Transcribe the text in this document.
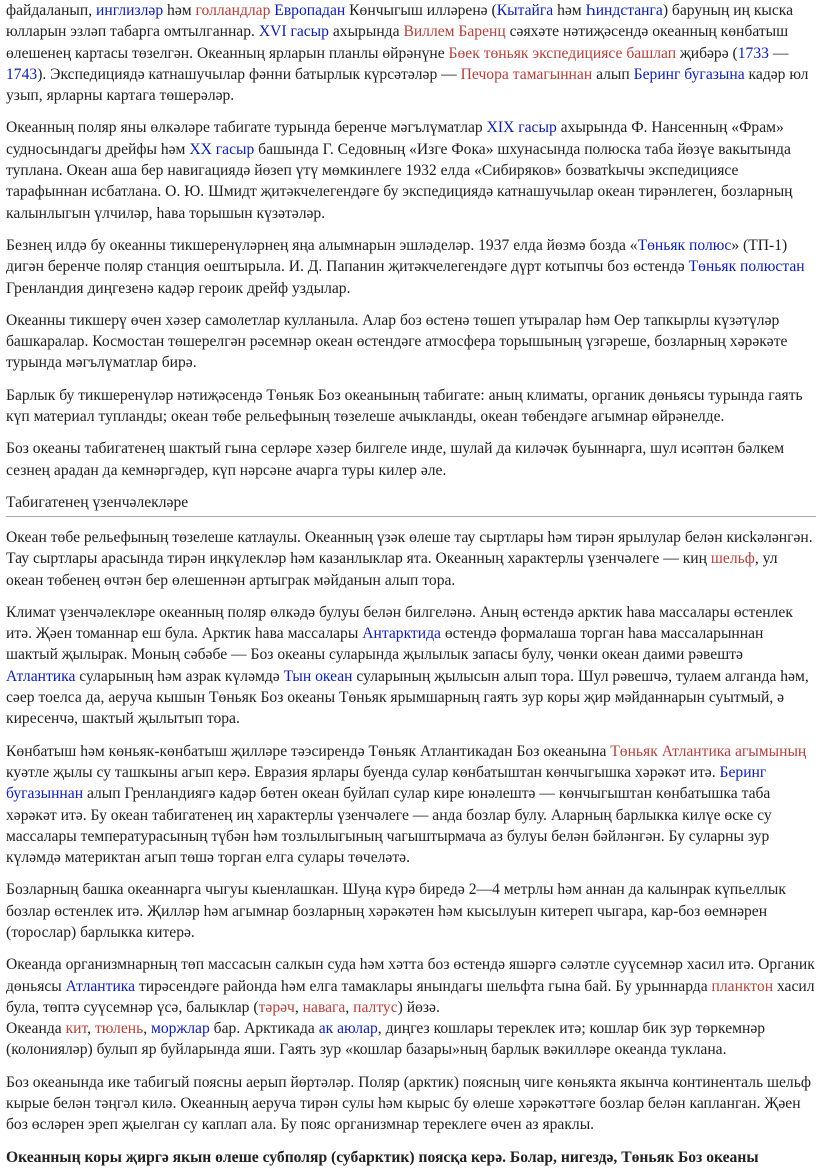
файдаланып, инглизләр һәм голландлар Европадан Көнчыгыш илләренә (Кытайга һәм Һиндстанга) баруның иң кыска юлларын эзләп табарга омтылганнар. XVI гасыр ахырында Виллем Баренц сәяхәте нәтиҗәсендә океанның көнбатыш өлешенең картасы төзелгән. Океанның ярларын планлы өйрәнүне Бөек төньяк экспедициясе башлап җибәрә (1733 — 1743). Экспедициядә катнашучылар фәнни батырлык күрсәтәләр — Печора тамагыннан алып Беринг бугазына кадәр юл узып, ярларны картага төшерәләр.

Океанның поляр яны өлкәләре табигате турында беренче мәгълүматлар XIX гасыр ахырында Ф. Нансенның «Фрам» судносындагы дрейфы һәм XX гасыр башында Г. Седовның «Изге Фока» шхунасында полюска таба йөзүе вакытында туплана. Океан аша бер навигациядә йөзеп үтү мөмкинлеге 1932 елда «Сибиряков» бозватkычы экспедициясе тарафыннан исбатлана. О. Ю. Шмидт җитәкчелегендәге бу экспедициядә катнашучылар океан тирәнлеген, бозларның калынлыгын үлчиләр, һава торышын күзәтәләр.

Безнең илдә бу океанны тикшеренүләрнең яңа алымнарын эшләделәр. 1937 елда йөзмә бозда «Төньяк полюс» (ТП-1) дигән беренче поляр станция оештырыла. И. Д. Папанин җитәкчелегендәге дүрт котыпчы боз өстендә Төньяк полюстан Гренландия диңгезенә кадәр героик дрейф уздылар.

Океанны тикшерү өчен хәзер самолетлар кулланыла. Алар боз өстенә төшеп утыралар һәм Оер тапкырлы күзәтүләр башкаралар. Космостан төшерелгән рәсемнәр океан өстендәге атмосфера торышының үзгәреше, бозларның хәрәкәте турында мәгълүматлар бирә.

Барлык бу тикшеренүләр нәтиҗәсендә Төньяк Боз океанының табигате: аның климаты, органик дөньясы турында гаять күп материал тупланды; океан төбе рельефының төзелеше ачыкланды, океан төбендәге агымнар өйрәнелде.

Боз океаны табигатенең шактый гына серләре хәзер билгеле инде, шулай да киләчәк буыннарга, шул исәптән бәлкем сезнең арадан да кемнәргәдер, күп нәрсәне ачарга туры килер әле.

Табигатенең үзенчәлекләре

Океан төбе рельефының төзелеше катлаулы. Океанның үзәк өлеше тау сыртлары һәм тирән ярылулар белән кисkәләнгән. Тау сыртлары арасында тирән иңкүлекләр һәм казанлыклар ята. Океанның характерлы үзенчәлеге — киң шельф, ул океан төбенең өчтән бер өлешеннән артыграк мәйданын алып тора.

Климат үзенчәлекләре океанның поляр өлкәдә булуы белән билгеләнә. Аның өстендә арктик һава массалары өстенлек итә. Җәен томаннар еш була. Арктик һава массалары Антарктида өстендә формалаша торган һава массаларыннан шактый җылырак. Моның сәбәбе — Боз океаны суларында җылылык запасы булу, чөнки океан даими рәвештә Атлантика суларының һәм азрак күләмдә Тын океан суларының җылысын алып тора. Шул рәвешчә, тулаем алганда һәм, сәер тоелса да, аеруча кышын Төньяк Боз океаны Төньяк ярымшарның гаять зур коры җир мәйданнарын суытмый, ә киресенчә, шактый җылытып тора.

Көнбатыш һәм көньяк-көнбатыш җилләре тәэсирендә Төньяк Атлантикадан Боз океанына Төньяк Атлантика агымының куәтле җылы су ташкыны агып керә. Евразия ярлары буенда сулар көнбатыштан көнчыгышка хәрәкәт итә. Беринг бугазыннан алып Гренландиягә кадәр бөтен океан буйлап сулар кире юнәлештә — көнчыгыштан көнбатышка таба хәрәкәт итә. Бу океан табигатенең иң характерлы үзенчәлеге — анда бозлар булу. Аларның барлыкка килүе өске су массалары температурасының түбән һәм тозлылыгының чагыштырмача аз булуы белән бәйләнгән. Бу суларны зур күләмдә материктан агып төшә торган елга сулары төчеләтә.

Бозларның башка океаннарга чыгуы кыенлашкан. Шуңа күрә биредә 2—4 метрлы һәм аннан да калынрак күпьеллык бозлар өстенлек итә. Җилләр һәм агымнар бозларның хәрәкәтен һәм кысылуын китереп чыгара, кар-боз өемнәрен (торослар) барлыкка китерә.

Океанда организмнарның төп массасын салкын суда һәм хәтта боз өстендә яшәргә сәләтле суүсемнәр хасил итә. Органик дөньясы Атлантика тирәсендәге районда һәм елга тамаклары янындагы шельфта гына бай. Бу урыннарда планктон хасил була, төптә суүсемнәр үсә, балыклар (тәрәч, навага, палтус) йөзә.
Океанда кит, тюлень, моржлар бар. Арктикада ак аюлар, диңгез кошлары тереклек итә; кошлар бик зур төркемнәр (колонияләр) булып яр буйларында яши. Гаять зур «кошлар базары»ның барлык вәкилләре океанда туклана.

Боз океанында ике табигый поясны аерып йөртәләр. Поляр (арктик) поясның чиге көньякта якынча континенталь шельф кырые белән тәңгәл килә. Океанның аеруча тирән сулы һәм кырыс бу өлеше хәрәкәттәге бозлар белән капланган. Җәен боз өсләрен эреп җыелган су каплап ала. Бу пояс организмнар тереклеге өчен аз яраклы.

Океанның коры җиргә якын өлеше субполяр (субарктик) поясқа керә. Болар, нигездә, Төньяк Боз океаны
